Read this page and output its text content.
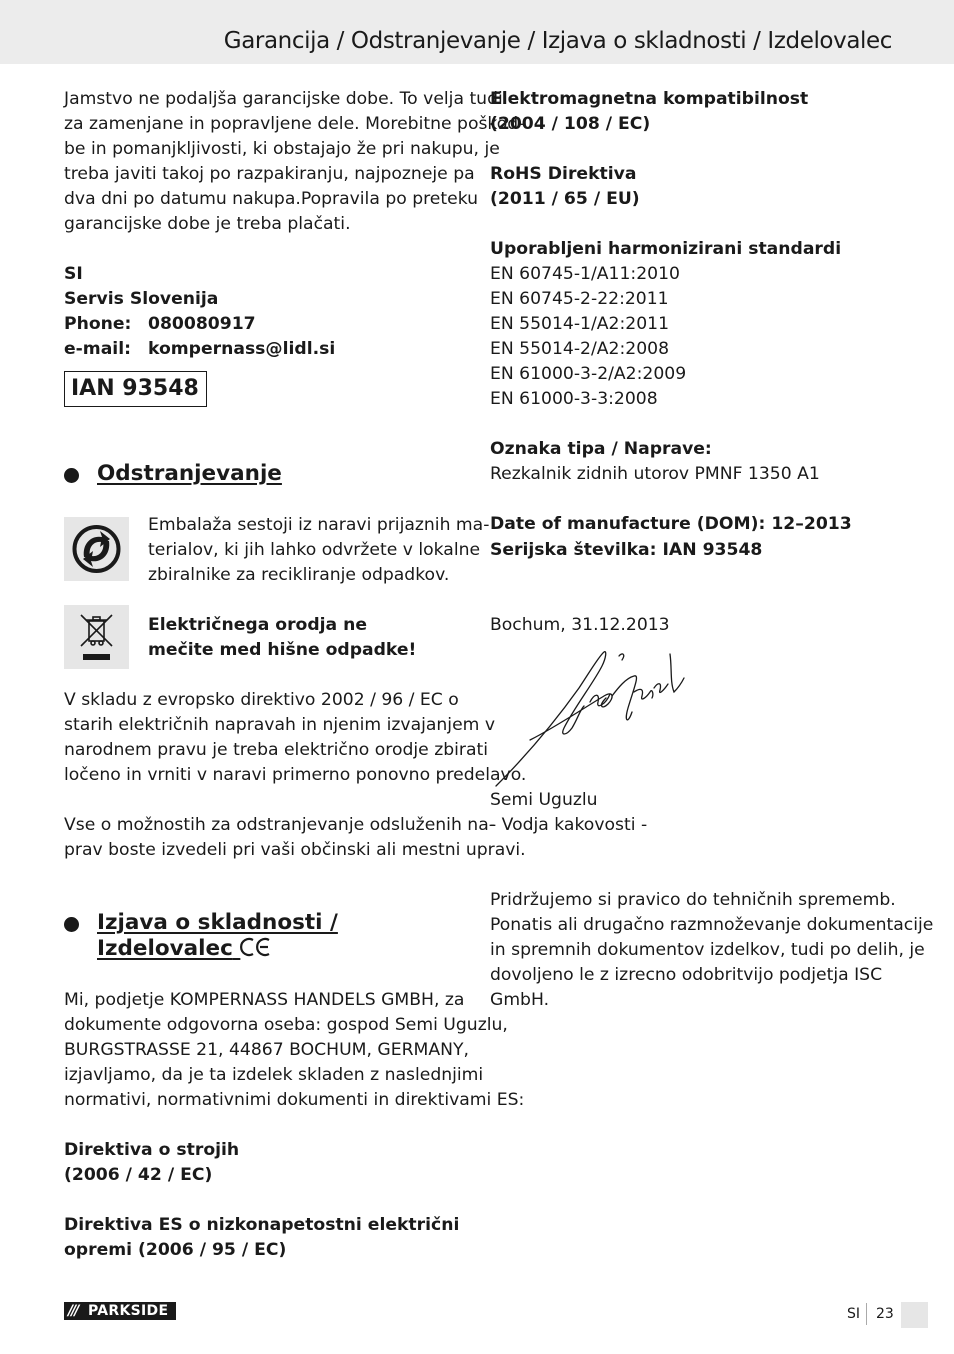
Garancija / Odstranjevanje / Izjava o skladnosti / Izdelovalec

Jamstvo ne podaljša garancijske dobe. To velja tudi

za zamenjane in popravljene dele. Morebitne poškod-

be in pomanjkljivosti, ki obstajajo že pri nakupu, je

treba javiti takoj po razpakiranju, najpozneje pa

dva dni po datumu nakupa.Popravila po preteku

garancijske dobe je treba plačati.

SI
Servis Slovenija
Phone: 080080917
e-mail: kompernass@lidl.si
IAN 93548
Odstranjevanje

Embalaža sestoji iz naravi prijaznih ma-

terialov, ki jih lahko odvržete v lokalne

zbiralnike za recikliranje odpadkov.

Električnega orodja ne

mečite med hišne odpadke!

V skladu z evropsko direktivo 2002 / 96 / EC o

starih električnih napravah in njenim izvajanjem v

narodnem pravu je treba električno orodje zbirati

ločeno in vrniti v naravi primerno ponovno predelavo.

Vse o možnostih za odstranjevanje odsluženih na-

prav boste izvedeli pri vaši občinski ali mestni upravi.

Izjava o skladnosti /
Izdelovalec

Mi, podjetje KOMPERNASS HANDELS GMBH, za

dokumente odgovorna oseba: gospod Semi Uguzlu,

BURGSTRASSE 21, 44867 BOCHUM, GERMANY,

izjavljamo, da je ta izdelek skladen z naslednjimi

normativi, normativnimi dokumenti in direktivami ES:

Direktiva o strojih

(2006 / 42 / EC)

Direktiva ES o nizkonapetostni električni

opremi (2006 / 95 / EC)

Elektromagnetna kompatibilnost

(2004 / 108 / EC)

RoHS Direktiva

(2011 / 65 / EU)

Uporabljeni harmonizirani standardi

EN 60745-1/A11:2010

EN 60745-2-22:2011

EN 55014-1/A2:2011

EN 55014-2/A2:2008

EN 61000-3-2/A2:2009

EN 61000-3-3:2008

Oznaka tipa / Naprave:

Rezkalnik zidnih utorov PMNF 1350 A1

Date of manufacture (DOM): 12–2013

Serijska številka: IAN 93548

Bochum, 31.12.2013

Semi Uguzlu

- Vodja kakovosti -

Pridržujemo si pravico do tehničnih sprememb.

Ponatis ali drugačno razmnoževanje dokumentacije

in spremnih dokumentov izdelkov, tudi po delih, je

dovoljeno le z izrecno odobritvijo podjetja ISC

GmbH.

/// PARKSIDE	SI 23
